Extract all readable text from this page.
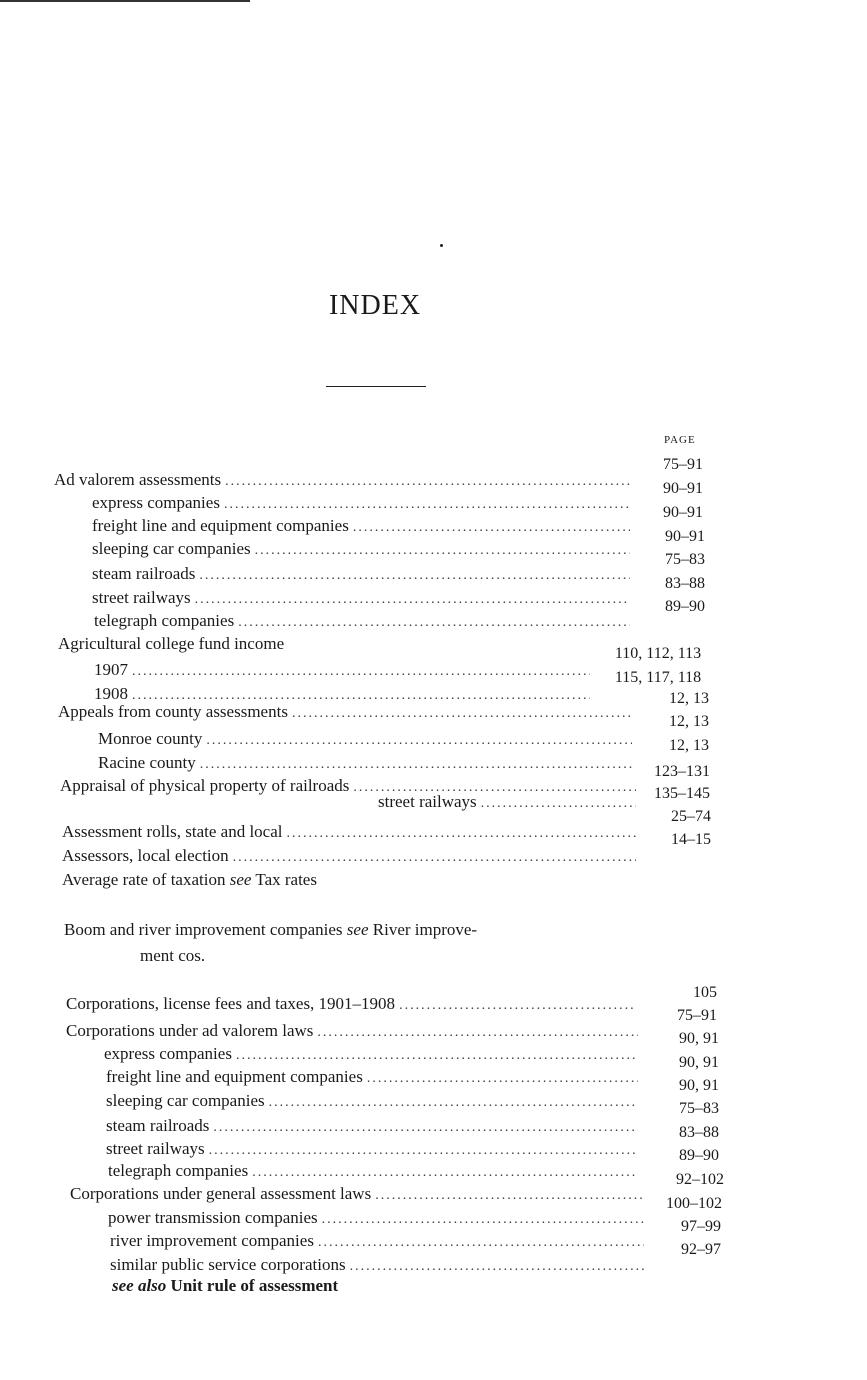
INDEX
PAGE
Ad valorem assessments
.....
express companies
.....
freight line and equipment companies
.....
sleeping car companies
.....
steam railroads
.....
street railways
.....
telegraph companies
.....
75–91
90–91
90–91
90–91
75–83
83–88
89–90
Agricultural college fund income
1907
.....
110, 112, 113
1908
.....
115, 117, 118
Appeals from county assessments
.....
12, 13
Monroe county
.....
12, 13
Racine county
.....
12, 13
Appraisal of physical property of railroads
.....
123–131
street railways
.....	135–145
Assessment rolls, state and local
.....
25–74
Assessors, local election
.....
14–15
Average rate of taxation see Tax rates
Boom and river improvement companies see River improve-
ment cos.
Corporations, license fees and taxes, 1901–1908
.....
105
Corporations under ad valorem laws
.....
75–91
express companies
.....
90, 91
freight line and equipment companies
.....
90, 91
sleeping car companies
.....
90, 91
steam railroads
.....
75–83
street railways
.....
83–88
telegraph companies
.....
89–90
Corporations under general assessment laws
.....
92–102
power transmission companies
.....
100–102
river improvement companies
.....
97–99
similar public service corporations
.....
92–97
see also Unit rule of assessment
